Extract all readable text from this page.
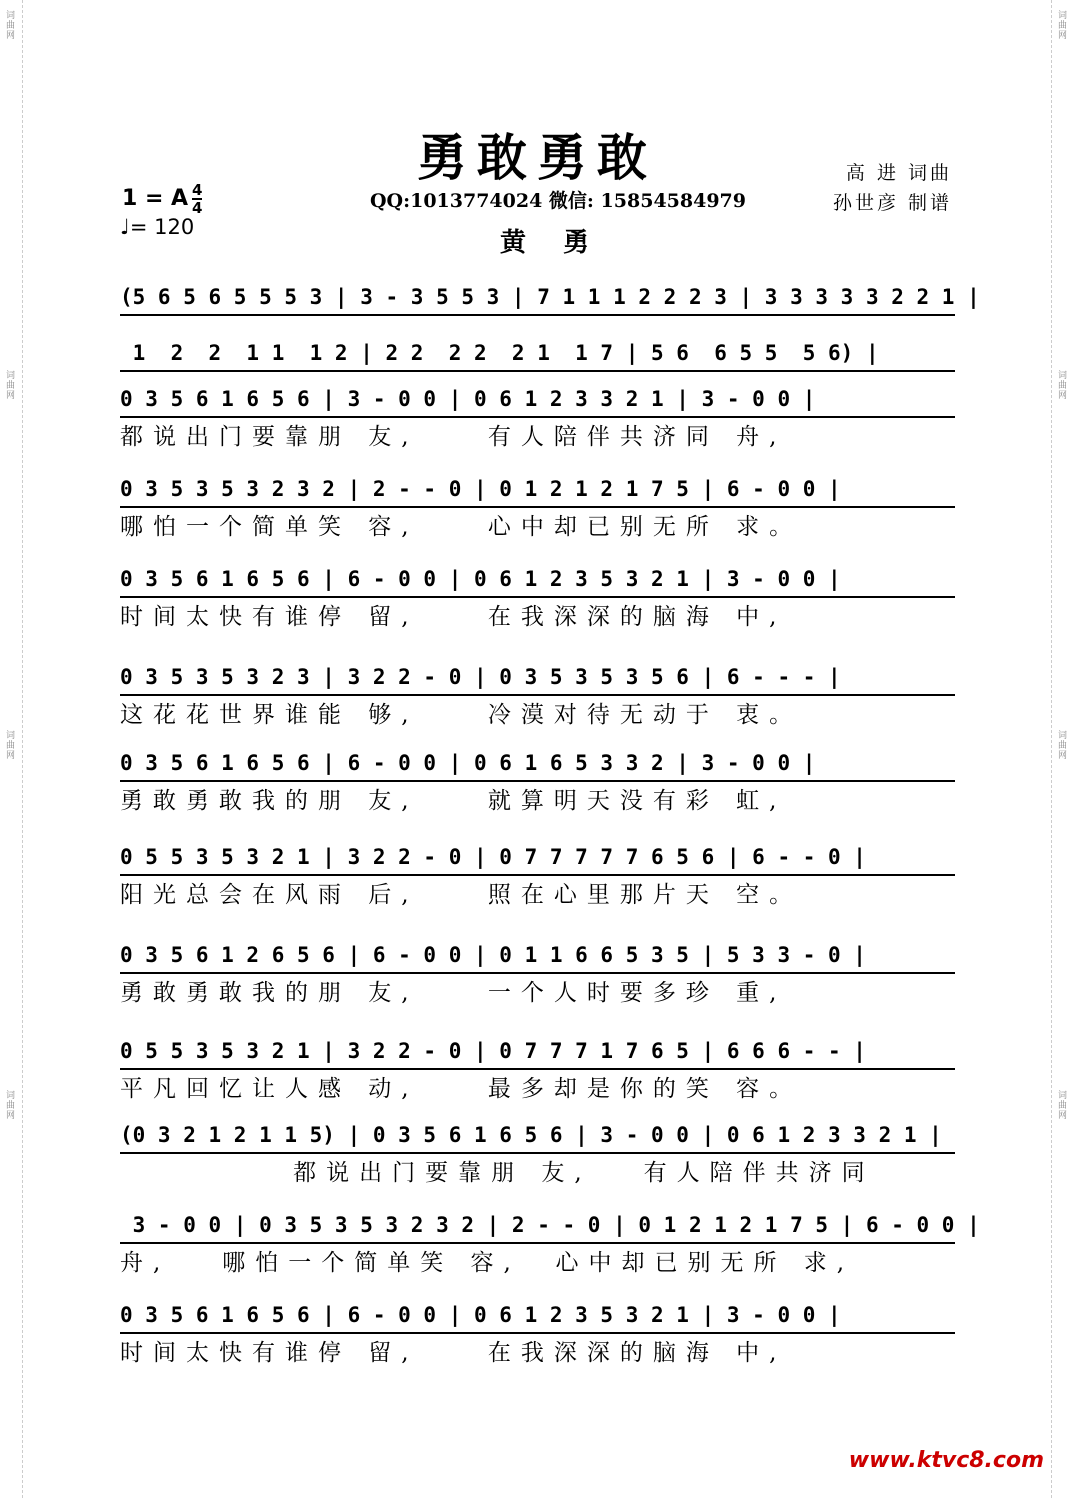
词曲网
词曲网
词曲网
词曲网
词曲网
词曲网
词曲网
词曲网
勇敢勇敢	高 进 词曲
孙世彦 制谱
1 = A 4
4
♩= 120
QQ:1013774024 微信: 15854584979
黄 勇
(5 6 5 6 5 5 5 3 | 3 - 3 5 5 3 | 7 1 1 1 2 2 2 3 | 3 3 3 3 3 2 2 1 |
1  2  2  1 1  1 2 | 2 2  2 2  2 1  1 7 | 5 6  6 5 5  5 6) |
0 3 5 6 1 6 5 6 | 3 - 0 0 | 0 6 1 2 3 3 2 1 | 3 - 0 0 |
都说出门要靠朋 友,    有人陪伴共济同 舟,
0 3 5 3 5 3 2 3 2 | 2 - - 0 | 0 1 2 1 2 1 7 5 | 6 - 0 0 |
哪怕一个简单笑 容,    心中却已别无所 求。
0 3 5 6 1 6 5 6 | 6 - 0 0 | 0 6 1 2 3 5 3 2 1 | 3 - 0 0 |
时间太快有谁停 留,    在我深深的脑海 中,
0 3 5 3 5 3 2 3 | 3 2 2 - 0 | 0 3 5 3 5 3 5 6 | 6 - - - |
这花花世界谁能 够,    冷漠对待无动于 衷。
0 3 5 6 1 6 5 6 | 6 - 0 0 | 0 6 1 6 5 3 3 2 | 3 - 0 0 |
勇敢勇敢我的朋 友,    就算明天没有彩 虹,
0 5 5 3 5 3 2 1 | 3 2 2 - 0 | 0 7 7 7 7 7 6 5 6 | 6 - - 0 |
阳光总会在风雨 后,    照在心里那片天 空。
0 3 5 6 1 2 6 5 6 | 6 - 0 0 | 0 1 1 6 6 5 3 5 | 5 3 3 - 0 |
勇敢勇敢我的朋 友,    一个人时要多珍 重,
0 5 5 3 5 3 2 1 | 3 2 2 - 0 | 0 7 7 7 1 7 6 5 | 6 6 6 - - |
平凡回忆让人感 动,    最多却是你的笑 容。
(0 3 2 1 2 1 1 5) | 0 3 5 6 1 6 5 6 | 3 - 0 0 | 0 6 1 2 3 3 2 1 |
都说出门要靠朋 友,   有人陪伴共济同
3 - 0 0 | 0 3 5 3 5 3 2 3 2 | 2 - - 0 | 0 1 2 1 2 1 7 5 | 6 - 0 0 |
舟,   哪怕一个简单笑 容,  心中却已别无所 求,
0 3 5 6 1 6 5 6 | 6 - 0 0 | 0 6 1 2 3 5 3 2 1 | 3 - 0 0 |
时间太快有谁停 留,    在我深深的脑海 中,
www.ktvc8.com
